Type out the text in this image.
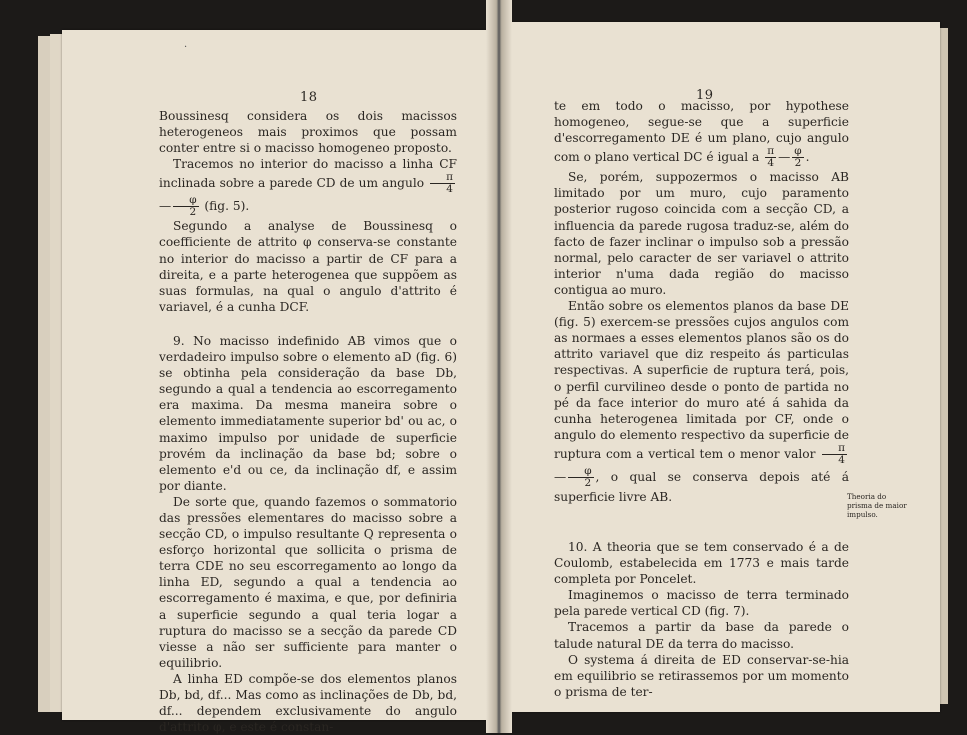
·
18

Boussinesq considera os dois macissos heterogeneos mais proximos que possam conter entre si o macisso homogeneo proposto.

Tracemos no interior do macisso a linha CF inclinada sobre a parede CD de um angulo $\frac{\pi}{4}$
— $\frac{\varphi}{2} (fig$. 5).

Segundo a analyse de Boussinesq o coefficiente de attrito φ conserva-se constante no interior do macisso a partir de CF para a direita, e a parte heterogenea que suppõem as suas formulas, na qual o angulo d'attrito é variavel, é a cunha DCF.

9. No macisso indefinido AB vimos que o verdadeiro impulso sobre o elemento aD (fig. 6) se obtinha pela consideração da base Db, segundo a qual a tendencia ao escorregamento era maxima. Da mesma maneira sobre o elemento immediatamente superior bd' ou ac, o maximo impulso por unidade de superficie provém da inclinação da base bd; sobre o elemento e'd ou ce, da inclinação df, e assim por diante.

De sorte que, quando fazemos o sommatorio das pressões elementares do macisso sobre a secção CD, o impulso resultante Q representa o esforço horizontal que sollicita o prisma de terra CDE no seu escorregamento ao longo da linha ED, segundo a qual a tendencia ao escorregamento é maxima, e que, por definiria a superficie segundo a qual teria logar a ruptura do macisso se a secção da parede CD viesse a não ser sufficiente para manter o equilibrio.

A linha ED compõe-se dos elementos planos Db, bd, df... Mas como as inclinações de Db, bd, df... dependem exclusivamente do angulo d'attrito φ, e este é constan-

19

te em todo o macisso, por hypothese homogeneo, segue-se que a superficie d'escorregamento DE é um plano, cujo angulo com o plano vertical DC é igual a $\frac{\pi}{4}$ — $\frac{\varphi}{2}$ .

Se, porém, suppozermos o macisso AB limitado por um muro, cujo paramento posterior rugoso coincida com a secção CD, a influencia da parede rugosa traduz-se, além do facto de fazer inclinar o impulso sob a pressão normal, pelo caracter de ser variavel o attrito interior n'uma dada região do macisso contigua ao muro.

Então sobre os elementos planos da base DE (fig. 5) exercem-se pressões cujos angulos com as normaes a esses elementos planos são os do attrito variavel que diz respeito ás particulas respectivas. A superficie de ruptura terá, pois, o perfil curvilineo desde o ponto de partida no pé da face interior do muro até á sahida da cunha heterogenea limitada por CF, onde o angulo do elemento respectivo da superficie de ruptura com a vertical tem o menor valor $\frac{\pi}{4}$
— $\frac{\varphi}{2}$ , o qual se conserva depois até á superficie livre AB.

10. A theoria que se tem conservado é a de Coulomb, estabelecida em 1773 e mais tarde completa por Poncelet.

Imaginemos o macisso de terra terminado pela parede vertical CD (fig. 7).

Tracemos a partir da base da parede o talude natural DE da terra do macisso.

O systema á direita de ED conservar-se-hia em equilibrio se retirassemos por um momento o prisma de ter-

Theoria do prisma de maior impulso.
